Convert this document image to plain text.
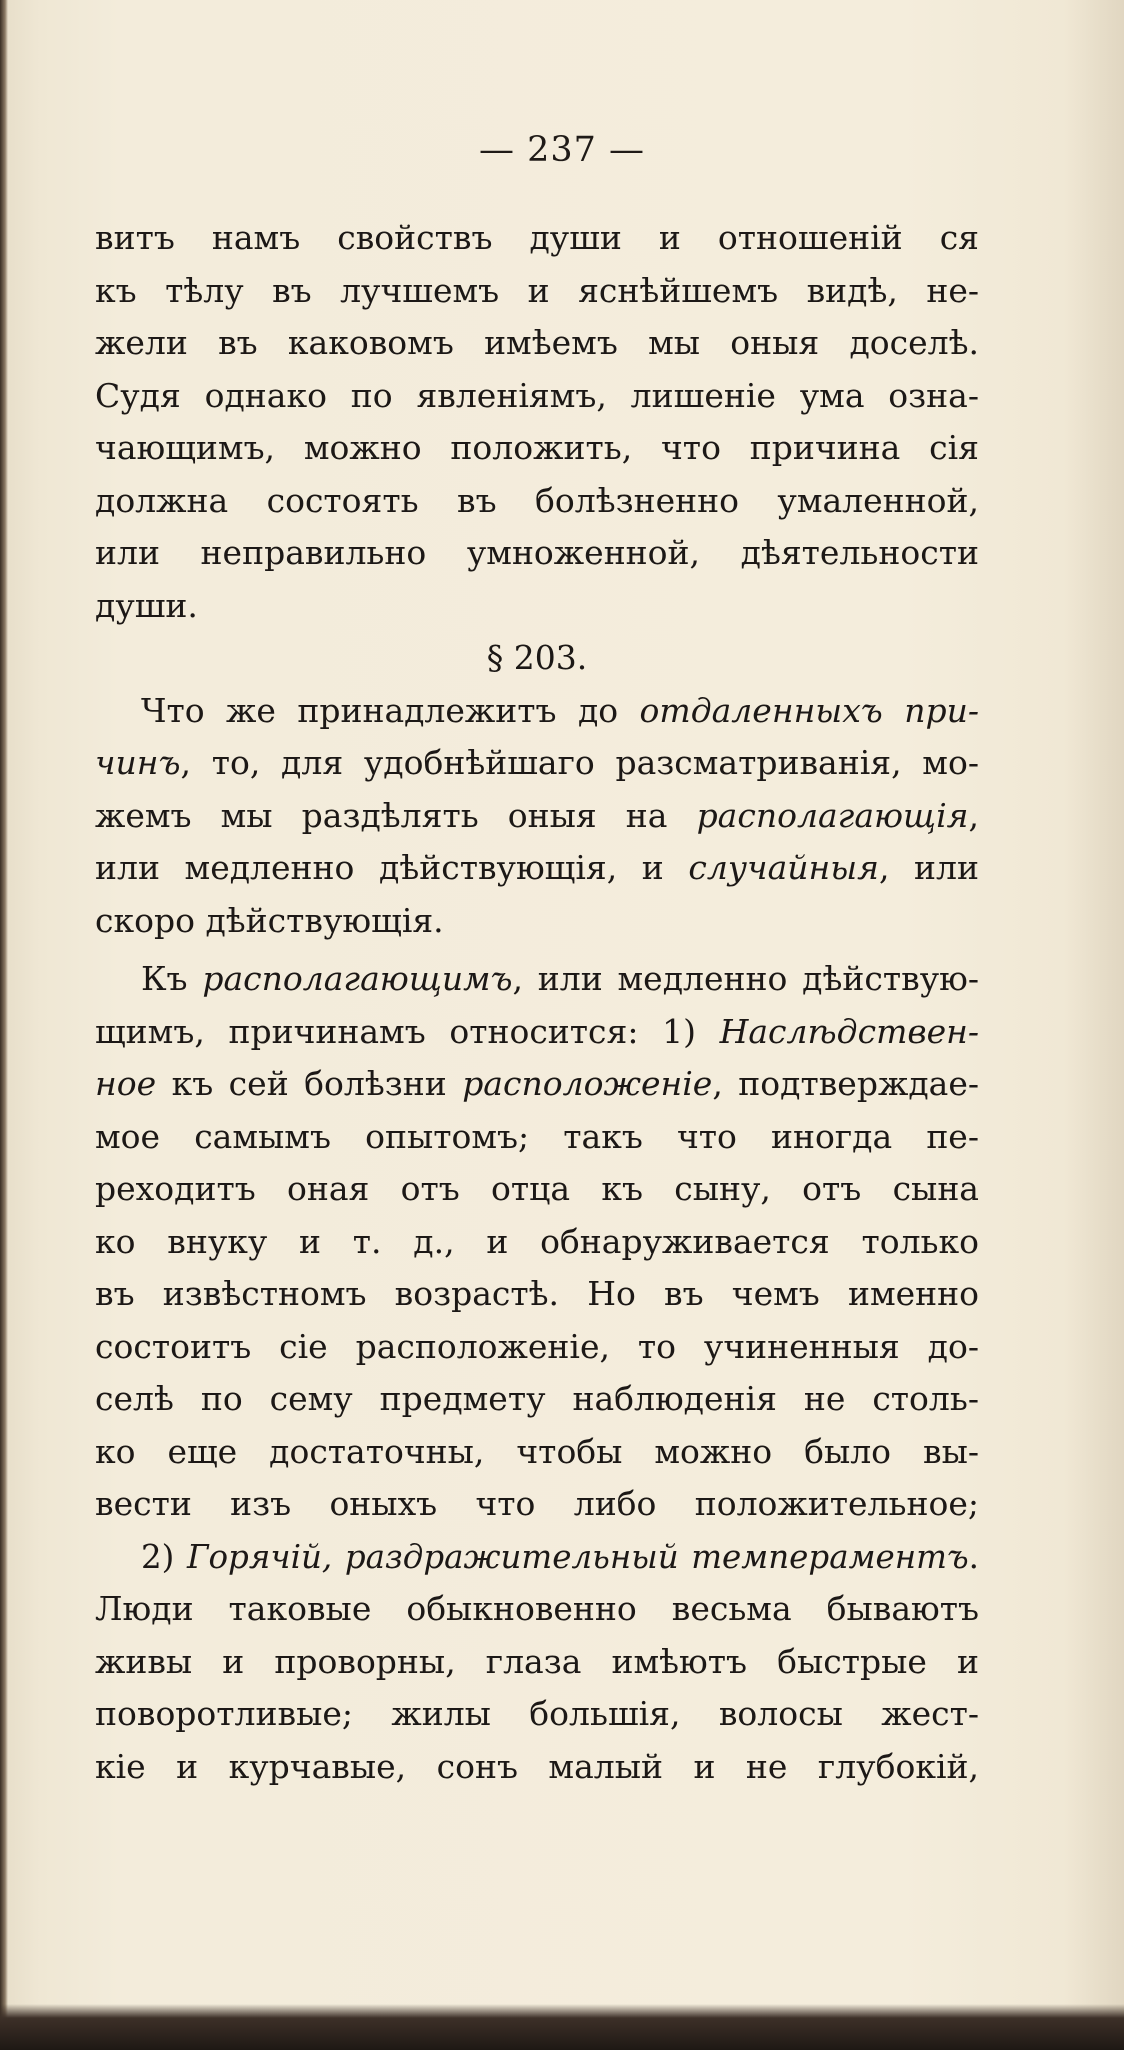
— 237 —
витъ намъ свойствъ души и отношеній ся
къ тѣлу въ лучшемъ и яснѣйшемъ видѣ, не-
жели въ каковомъ имѣемъ мы оныя доселѣ.
Судя однако по явленіямъ, лишеніе ума озна-
чающимъ, можно положить, что причина сія
должна состоять въ болѣзненно умаленной,
или неправильно умноженной, дѣятельности
души.
§ 203.
Что же принадлежитъ до отдаленныхъ при-
чинъ, то, для удобнѣйшаго разсматриванія, мо-
жемъ мы раздѣлять оныя на располагающія,
или медленно дѣйствующія, и случайныя, или
скоро дѣйствующія.
Къ располагающимъ, или медленно дѣйствую-
щимъ, причинамъ относится: 1) Наслѣдствен-
ное къ сей болѣзни расположеніе, подтверждае-
мое самымъ опытомъ; такъ что иногда пе-
реходитъ оная отъ отца къ сыну, отъ сына
ко внуку и т. д., и обнаруживается только
въ извѣстномъ возрастѣ. Но въ чемъ именно
состоитъ сіе расположеніе, то учиненныя до-
селѣ по сему предмету наблюденія не столь-
ко еще достаточны, чтобы можно было вы-
вести изъ оныхъ что либо положительное;
2) Горячій, раздражительный темпераментъ.
Люди таковые обыкновенно весьма бываютъ
живы и проворны, глаза имѣютъ быстрые и
поворотливые; жилы большія, волосы жест-
кіе и курчавые, сонъ малый и не глубокій,
